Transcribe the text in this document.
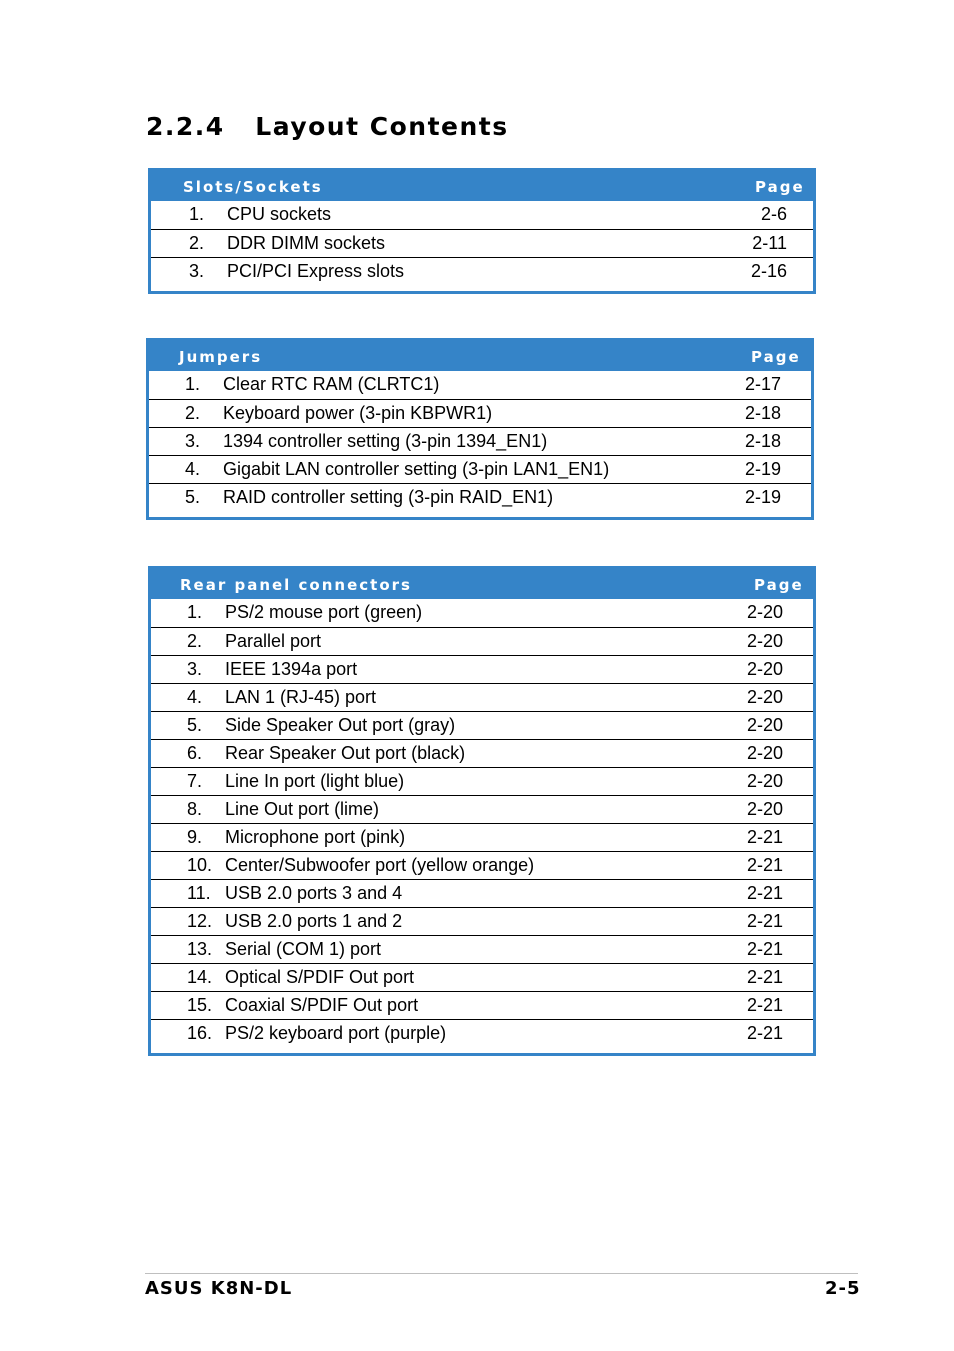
2.2.4   Layout Contents
Slots/Sockets	Page
1. CPU sockets	2-6
2. DDR DIMM sockets	2-11
3. PCI/PCI Express slots	2-16
Jumpers	Page
1. Clear RTC RAM (CLRTC1)	2-17
2. Keyboard power (3-pin KBPWR1)	2-18
3. 1394 controller setting (3-pin 1394_EN1)	2-18
4. Gigabit LAN controller setting (3-pin LAN1_EN1)	2-19
5. RAID controller setting (3-pin RAID_EN1)	2-19
Rear panel connectors	Page
1. PS/2 mouse port (green)	2-20
2. Parallel port	2-20
3. IEEE 1394a port	2-20
4. LAN 1 (RJ-45) port	2-20
5. Side Speaker Out port (gray)	2-20
6. Rear Speaker Out port (black)	2-20
7. Line In port (light blue)	2-20
8. Line Out port (lime)	2-20
9. Microphone port (pink)	2-21
10. Center/Subwoofer port (yellow orange)	2-21
11. USB 2.0 ports 3 and 4	2-21
12. USB 2.0 ports 1 and 2	2-21
13. Serial (COM 1) port	2-21
14. Optical S/PDIF Out port	2-21
15. Coaxial S/PDIF Out port	2-21
16. PS/2 keyboard port (purple)	2-21
ASUS K8N-DL	2-5
